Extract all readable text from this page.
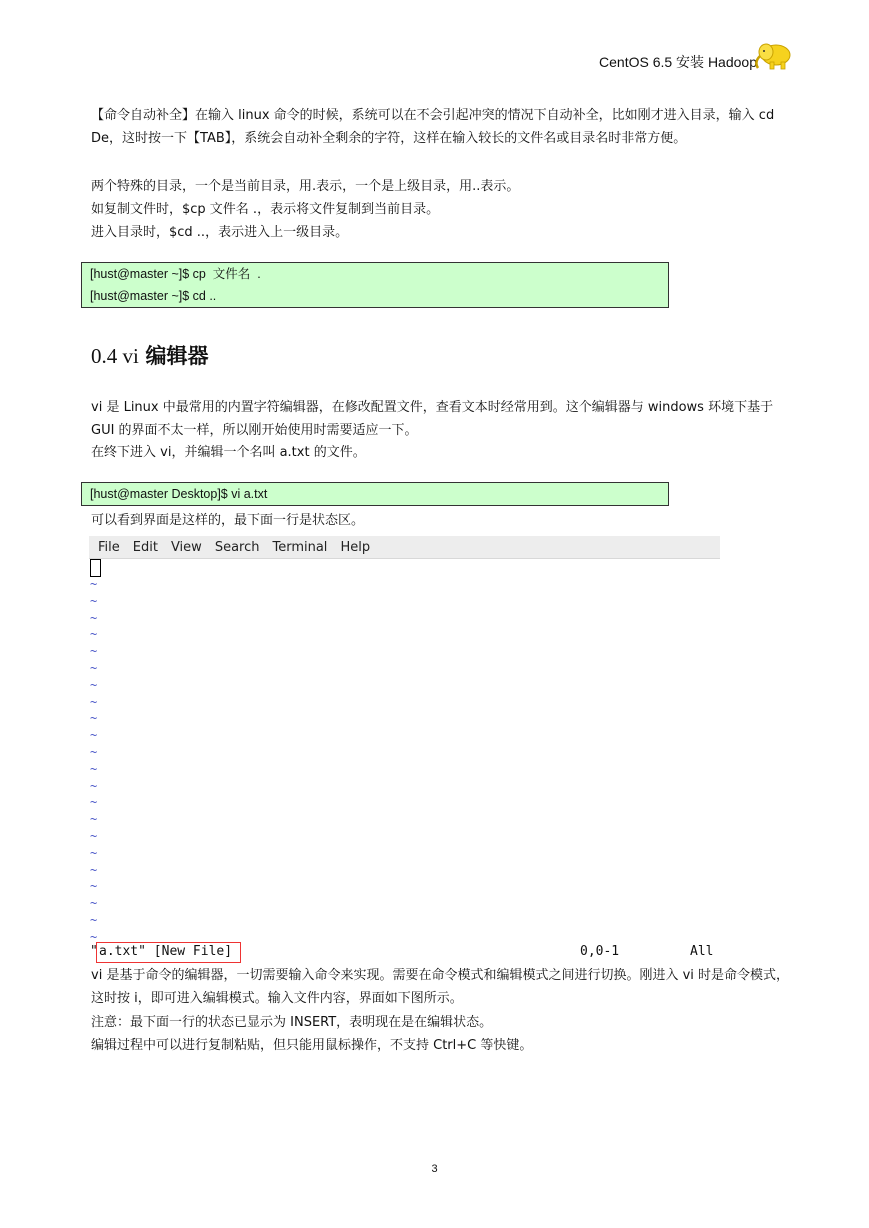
CentOS 6.5 安装 Hadoop
【命令自动补全】在输入 linux 命令的时候，系统可以在不会引起冲突的情况下自动补全，比如刚才进入目录，输入 cd De，这时按一下【TAB】，系统会自动补全剩余的字符，这样在输入较长的文件名或目录名时非常方便。
两个特殊的目录，一个是当前目录，用.表示，一个是上级目录，用..表示。
如复制文件时，$cp 文件名 .，表示将文件复制到当前目录。
进入目录时，$cd ..，表示进入上一级目录。
[hust@master ~]$ cp  文件名  .
[hust@master ~]$ cd ..
0.4 vi 编辑器
vi 是 Linux 中最常用的内置字符编辑器，在修改配置文件，查看文本时经常用到。这个编辑器与 windows 环境下基于 GUI 的界面不太一样，所以刚开始使用时需要适应一下。
在终下进入 vi，并编辑一个名叫 a.txt 的文件。
[hust@master Desktop]$ vi a.txt
可以看到界面是这样的，最下面一行是状态区。
File Edit View Search Terminal Help
~
~
~
~
~
~
~
~
~
~
~
~
~
~
~
~
~
~
~
~
~
~
" a.txt" [New File]	0,0-1	All
vi 是基于命令的编辑器，一切需要输入命令来实现。需要在命令模式和编辑模式之间进行切换。刚进入 vi 时是命令模式，这时按 i，即可进入编辑模式。输入文件内容，界面如下图所示。
注意：最下面一行的状态已显示为 INSERT，表明现在是在编辑状态。
编辑过程中可以进行复制粘贴，但只能用鼠标操作，不支持 Ctrl+C 等快键。
3
